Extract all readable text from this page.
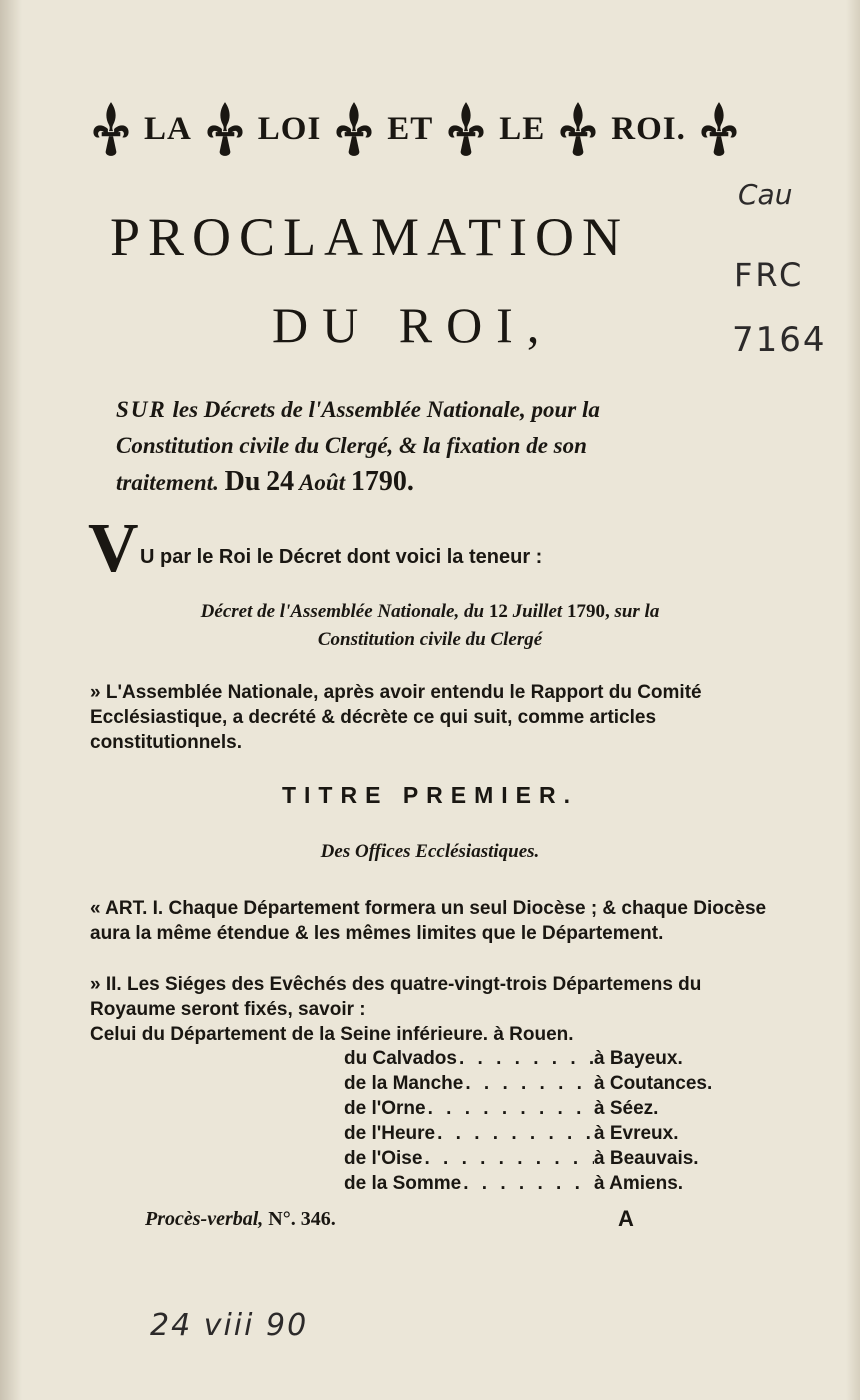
LA LOI ET LE ROI.
PROCLAMATION
DU ROI,
Cau
FRC
7164
SUR les Décrets de l'Assemblée Nationale, pour la
Constitution civile du Clergé, & la fixation de son
traitement. Du 24 Août 1790.
V U par le Roi le Décret dont voici la teneur :
Décret de l'Assemblée Nationale, du 12 Juillet 1790, sur la
Constitution civile du Clergé
» L'Assemblée Nationale, après avoir entendu le Rapport du Comité Ecclésiastique, a decrété & décrète ce qui suit, comme articles constitutionnels.
TITRE PREMIER.
Des Offices Ecclésiastiques.
« ART. I. Chaque Département formera un seul Diocèse ; & chaque Diocèse aura la même étendue & les mêmes limites que le Département.
» II. Les Siéges des Evêchés des quatre-vingt-trois Départemens du Royaume seront fixés, savoir :
Celui du Département de la Seine inférieure. à Rouen.
du Calvados . . .	à Bayeux.
de la Manche . . .	à Coutances.
de l'Orne . . .	à Séez.
de l'Heure . . .	à Evreux.
de l'Oise . . .	à Beauvais.
de la Somme . . .	à Amiens.
Procès-verbal, N°. 346.	A
24 viii 90
